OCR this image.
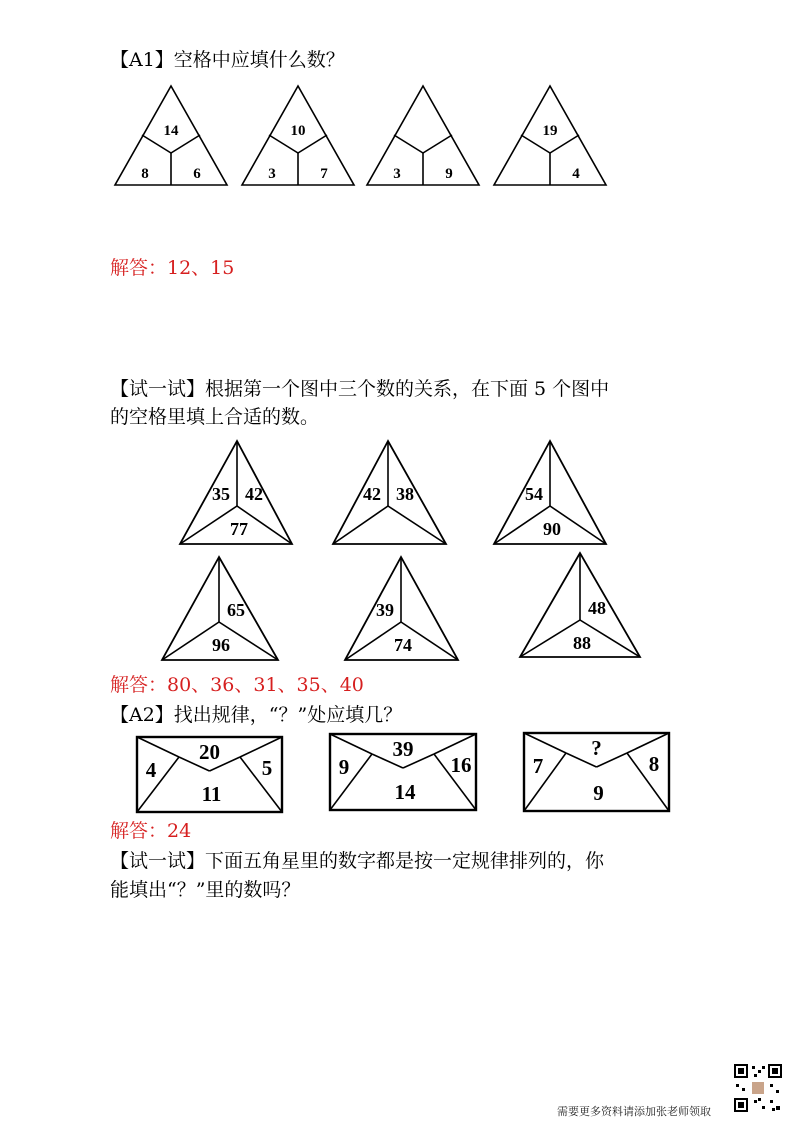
【A1】空格中应填什么数？
14
8	6
10
3	7	3	9
19
4
35 42
77
42 38	54
90
65
96
39
74
48
88
4
20
5
11
9
39
16
14
7
?
8
9
解答：12、15
【试一试】根据第一个图中三个数的关系，在下面 5 个图中
的空格里填上合适的数。
解答：80、36、31、35、40
【A2】找出规律，“？”处应填几？
解答：24
【试一试】下面五角星里的数字都是按一定规律排列的，你
能填出“？”里的数吗？
需要更多资料请添加张老师领取
